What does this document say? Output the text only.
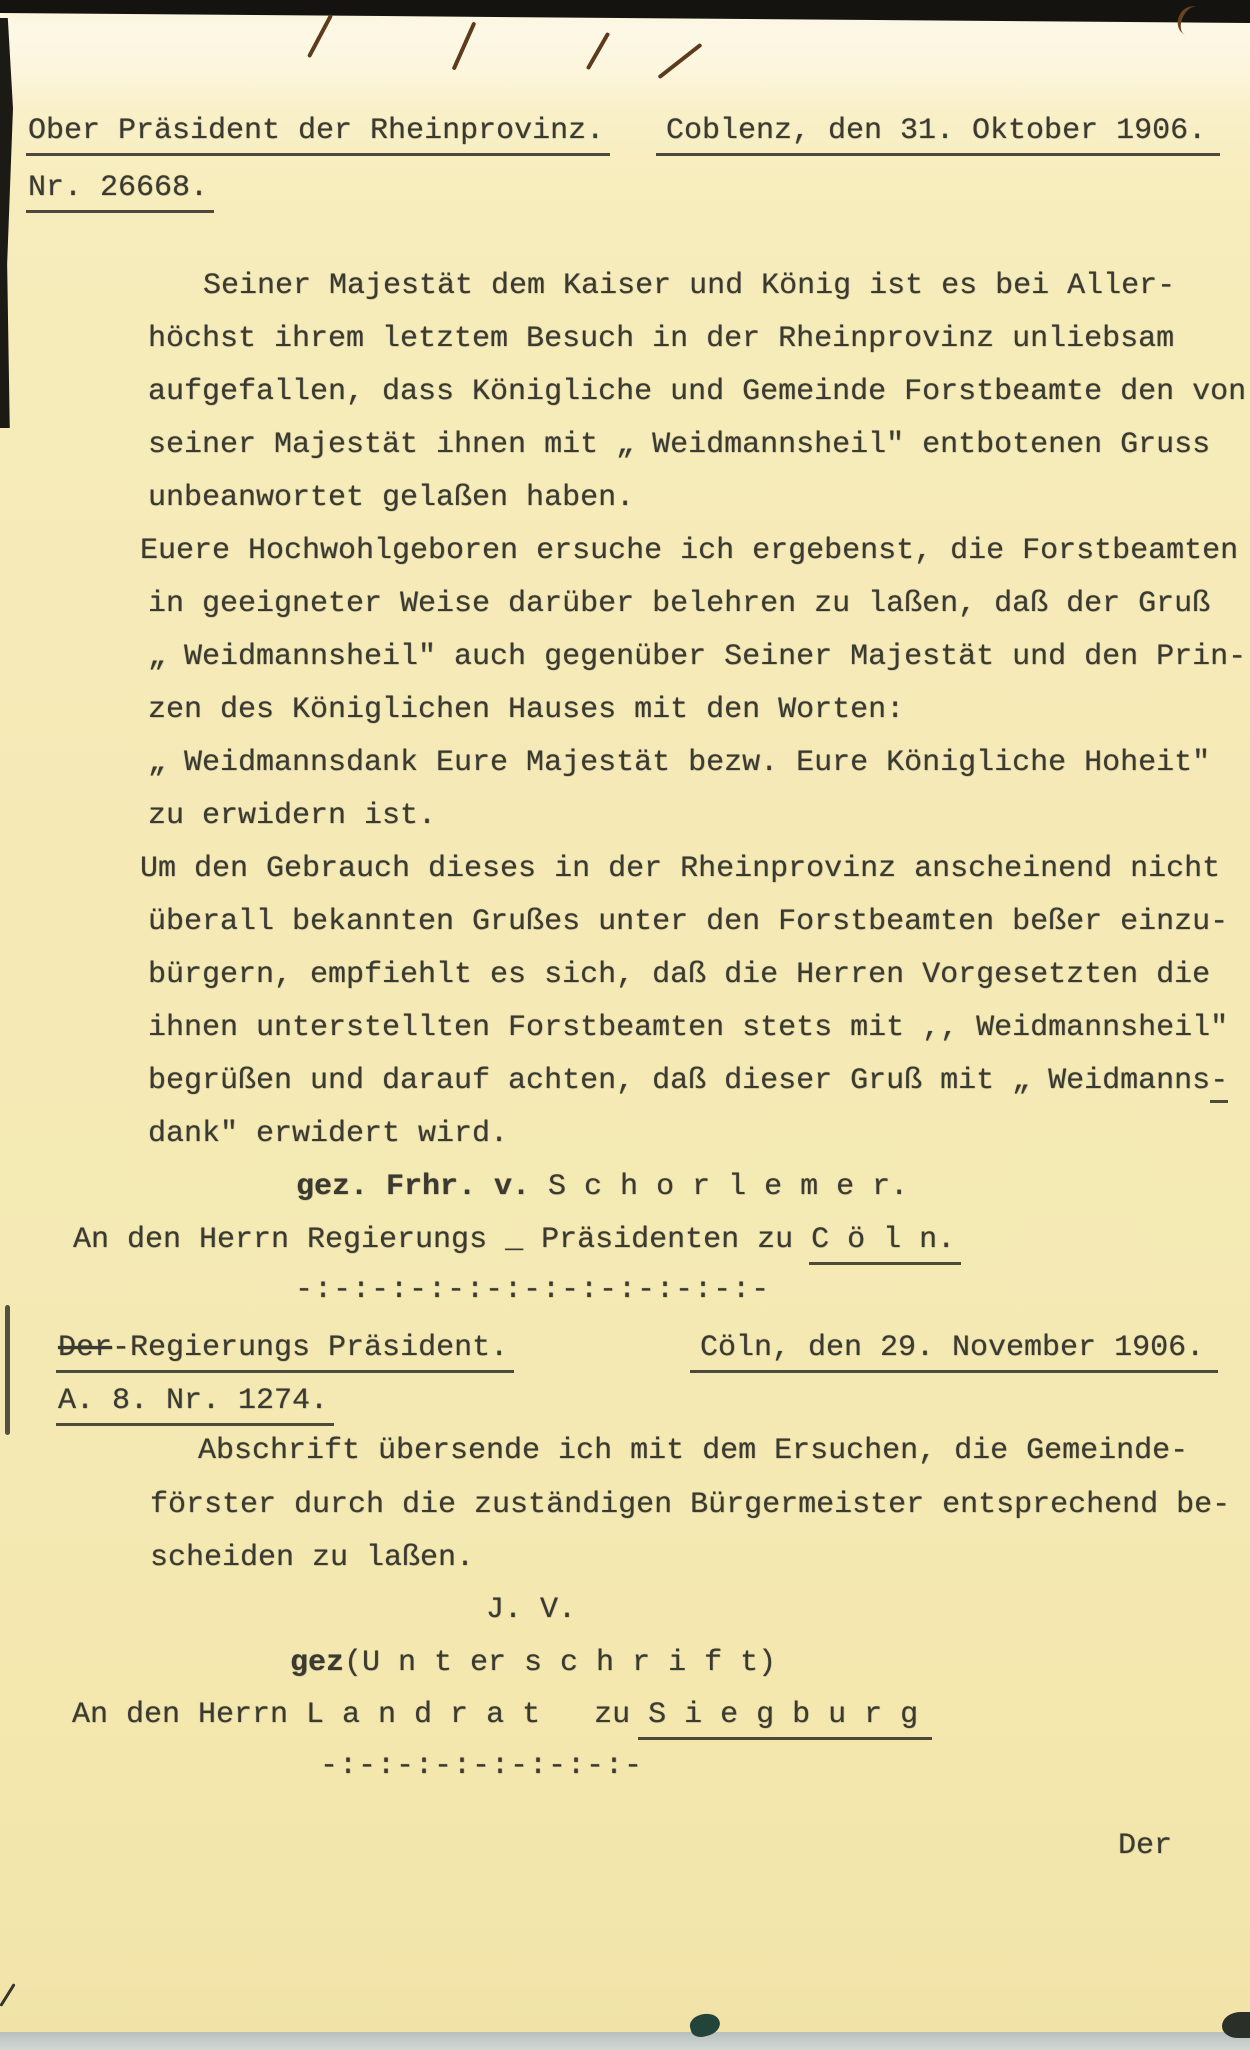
Ober Präsident der Rheinprovinz. Coblenz, den 31. Oktober 1906.
Nr. 26668.
Seiner Majestät dem Kaiser und König ist es bei Aller-
höchst ihrem letztem Besuch in der Rheinprovinz unliebsam
aufgefallen, dass Königliche und Gemeinde Forstbeamte den von
seiner Majestät ihnen mit „ Weidmannsheil" entbotenen Gruss
unbeanwortet gelaßen haben.
Euere Hochwohlgeboren ersuche ich ergebenst, die Forstbeamten
in geeigneter Weise darüber belehren zu laßen, daß der Gruß
„ Weidmannsheil" auch gegenüber Seiner Majestät und den Prin-
zen des Königlichen Hauses mit den Worten:
„ Weidmannsdank Eure Majestät bezw. Eure Königliche Hoheit"
zu erwidern ist.
Um den Gebrauch dieses in der Rheinprovinz anscheinend nicht
überall bekannten Grußes unter den Forstbeamten beßer einzu-
bürgern, empfiehlt es sich, daß die Herren Vorgesetzten die
ihnen unterstellten Forstbeamten stets mit ,, Weidmannsheil"
begrüßen und darauf achten, daß dieser Gruß mit „ Weidmanns-
dank" erwidert wird.
gez. Frhr. v. S c h o r l e m e r.
An den Herrn Regierungs _ Präsidenten zu C ö l n.
-:-:-:-:-:-:-:-:-:-:-:-:-
Der-Regierungs Präsident.	Cöln, den 29. November 1906.
A. 8. Nr. 1274.
Abschrift übersende ich mit dem Ersuchen, die Gemeinde-
förster durch die zuständigen Bürgermeister entsprechend be-
scheiden zu laßen.
J. V.
gez(U n t er s c h r i f t)
An den Herrn L a n d r a t   zu S i e g b u r g
-:-:-:-:-:-:-:-:-
Der
